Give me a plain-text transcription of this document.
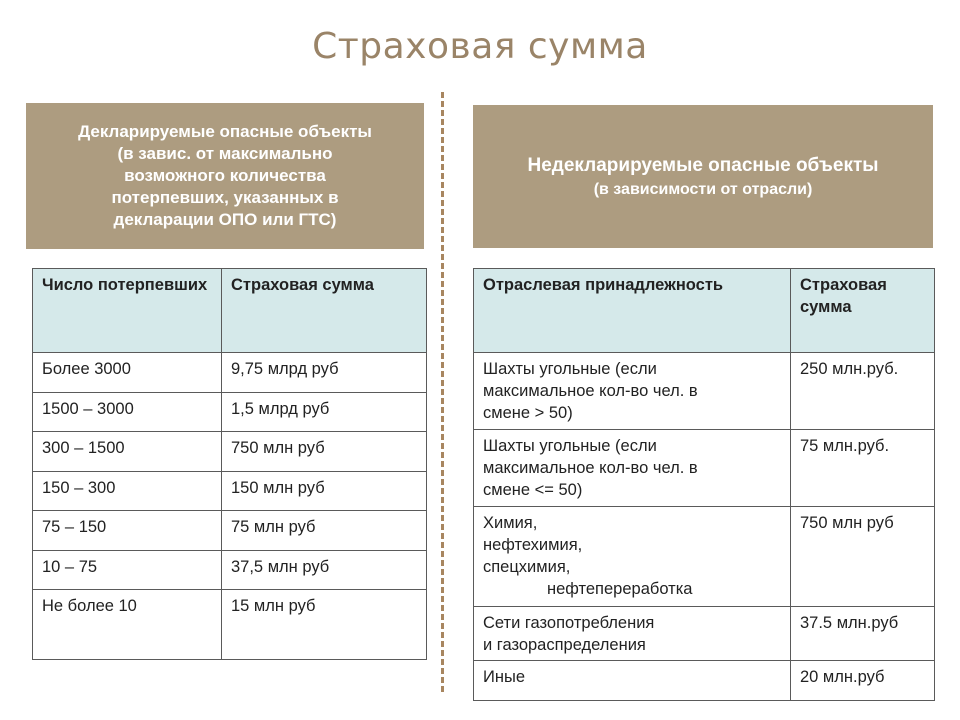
Страховая сумма
Декларируемые опасные объекты
(в завис. от максимально
возможного количества
потерпевших, указанных в
декларации ОПО или ГТС)
Недекларируемые опасные объекты
(в зависимости от отрасли)
Число потерпевших	Страховая сумма
Более 3000	9,75 млрд руб
1500 – 3000	1,5 млрд руб
300 – 1500	750 млн руб
150 – 300	150 млн руб
75 – 150	75 млн руб
10 – 75	37,5 млн руб
Не более 10	15 млн руб
Отраслевая принадлежность	Страховая сумма

Шахты угольные (если
максимальное кол-во чел. в
смене > 50)	250 млн.руб.

Шахты угольные (если
максимальное кол-во чел. в
смене <= 50)	75 млн.руб.

Химия,
нефтехимия,
спецхимия,
нефтепереработка	750 млн руб

Сети газопотребления
и газораспределения	37.5 млн.руб

Иные	20 млн.руб
